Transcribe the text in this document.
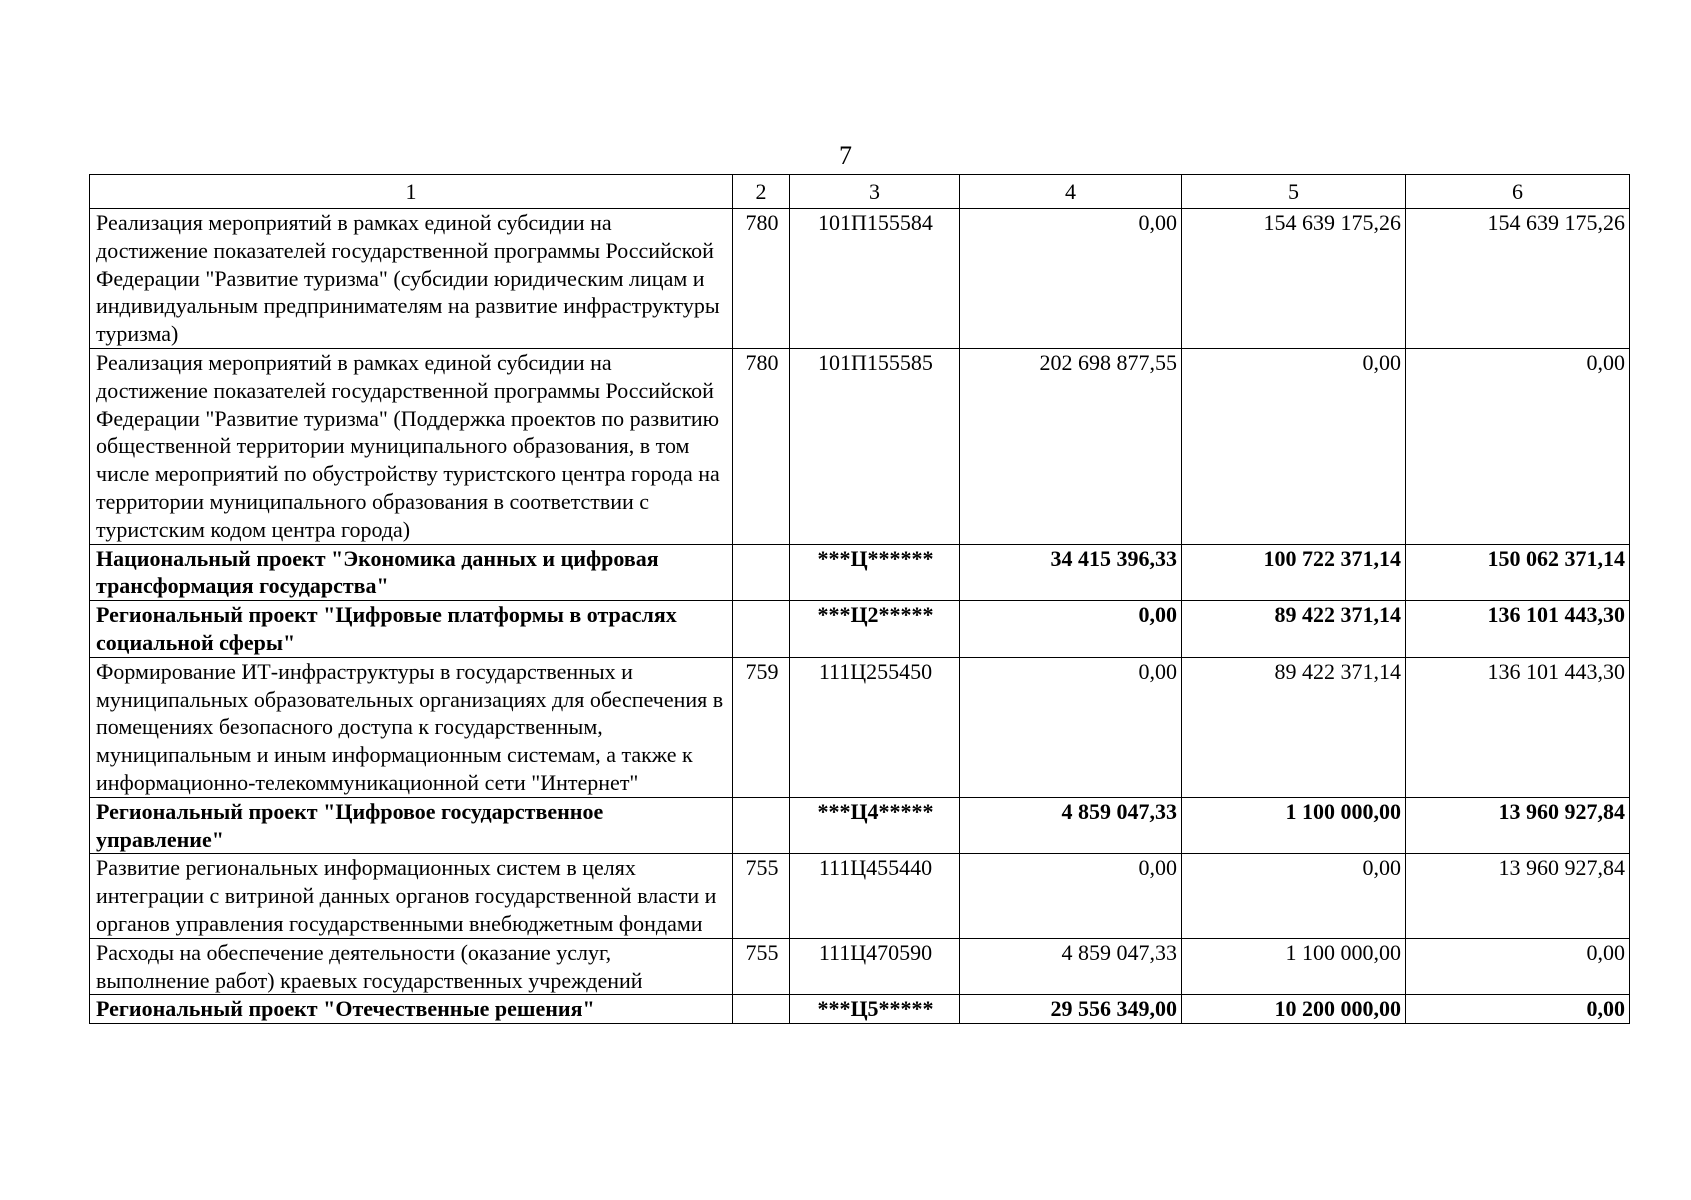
7
1	2	3	4	5	6
Реализация мероприятий в рамках единой субсидии на достижение показателей государственной программы Российской Федерации "Развитие туризма" (субсидии юридическим лицам и индивидуальным предпринимателям на развитие инфраструктуры туризма)	780	101П155584	0,00	154 639 175,26	154 639 175,26
Реализация мероприятий в рамках единой субсидии на достижение показателей государственной программы Российской Федерации "Развитие туризма" (Поддержка проектов по развитию общественной территории муниципального образования, в том числе мероприятий по обустройству туристского центра города на территории муниципального образования в соответствии с туристским кодом центра города)	780	101П155585	202 698 877,55	0,00	0,00
Национальный проект "Экономика данных и цифровая трансформация государства"		***Ц******	34 415 396,33	100 722 371,14	150 062 371,14
Региональный проект "Цифровые платформы в отраслях социальной сферы"		***Ц2*****	0,00	89 422 371,14	136 101 443,30
Формирование ИТ-инфраструктуры в государственных и муниципальных образовательных организациях для обеспечения в помещениях безопасного доступа к государственным, муниципальным и иным информационным системам, а также к информационно-телекоммуникационной сети "Интернет"	759	111Ц255450	0,00	89 422 371,14	136 101 443,30
Региональный проект "Цифровое государственное управление"		***Ц4*****	4 859 047,33	1 100 000,00	13 960 927,84
Развитие региональных информационных систем в целях интеграции с витриной данных органов государственной власти и органов управления государственными внебюджетным фондами	755	111Ц455440	0,00	0,00	13 960 927,84
Расходы на обеспечение деятельности (оказание услуг, выполнение работ) краевых государственных учреждений	755	111Ц470590	4 859 047,33	1 100 000,00	0,00
Региональный проект "Отечественные решения"		***Ц5*****	29 556 349,00	10 200 000,00	0,00
